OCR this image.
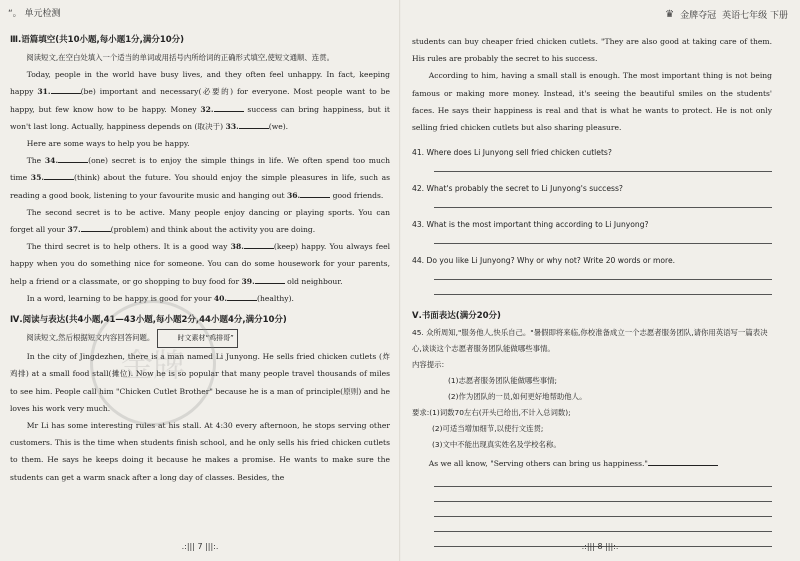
“。 单元检测
Ⅲ.语篇填空(共10小题,每小题1分,满分10分)

阅读短文,在空白处填入一个适当的单词或用括号内所给词的正确形式填空,使短文通顺、连贯。

Today, people in the world have busy lives, and they often feel unhappy. In fact, keeping happy 31.	(be) important and necessary(必要的) for everyone. Most people want to be happy, but few know how to be happy. Money 32.	success can bring happiness, but it won't last long. Actually, happiness depends on (取决于) 33.	(we).

Here are some ways to help you be happy.

The 34.	(one) secret is to enjoy the simple things in life. We often spend too much time 35.	(think) about the future. You should enjoy the simple pleasures in life, such as reading a good book, listening to your favourite music and hanging out 36.	good friends.

The second secret is to be active. Many people enjoy dancing or playing sports. You can forget all your 37.	(problem) and think about the activity you are doing.

The third secret is to help others. It is a good way 38.	(keep) happy. You always feel happy when you do something nice for someone. You can do some housework for your parents, help a friend or a classmate, or go shopping to buy food for 39.	old neighbour.

In a word, learning to be happy is good for your 40.	(healthy).

Ⅳ.阅读与表达(共4小题,41—43小题,每小题2分,44小题4分,满分10分)

阅读短文,然后根据短文内容回答问题。	时文素材“鸡排哥”

In the city of Jingdezhen, there is a man named Li Junyong. He sells fried chicken cutlets (炸鸡排) at a small food stall(摊位). Now he is so popular that many people travel thousands of miles to see him. People call him "Chicken Cutlet Brother" because he is a man of principle(原则) and he loves his work very much.

Mr Li has some interesting rules at his stall. At 4:30 every afternoon, he stops serving other customers. This is the time when students finish school, and he only sells his fried chicken cutlets to them. He says he keeps doing it because he makes a promise. He wants to make sure the students can get a warm snack after a long day of classes. Besides, the

金牌
.:||| 7 |||:.
♛ 金牌夺冠 英语七年级 下册

students can buy cheaper fried chicken cutlets. "They are also good at taking care of them. His rules are probably the secret to his success.

According to him, having a small stall is enough. The most important thing is not being famous or making more money. Instead, it's seeing the beautiful smiles on the students' faces. He says their happiness is real and that is what he wants to protect. He is not only selling fried chicken cutlets but also sharing pleasure.

41. Where does Li Junyong sell fried chicken cutlets?
42. What's probably the secret to Li Junyong's success?
43. What is the most important thing according to Li Junyong?
44. Do you like Li Junyong? Why or why not? Write 20 words or more.
Ⅴ.书面表达(满分20分)

45. 众所周知,"服务他人,快乐自己。"暑假即将来临,你校准备成立一个志愿者服务团队,请你用英语写一篇表决心,谈谈这个志愿者服务团队能做哪些事情。

内容提示:

(1)志愿者服务团队能做哪些事情;

(2)作为团队的一员,如何更好地帮助他人。

要求:(1)词数70左右(开头已给出,不计入总词数);

(2)可适当增加细节,以使行文连贯;

(3)文中不能出现真实姓名及学校名称。

As we all know, "Serving others can bring us happiness."

.:||| 8 |||:.
